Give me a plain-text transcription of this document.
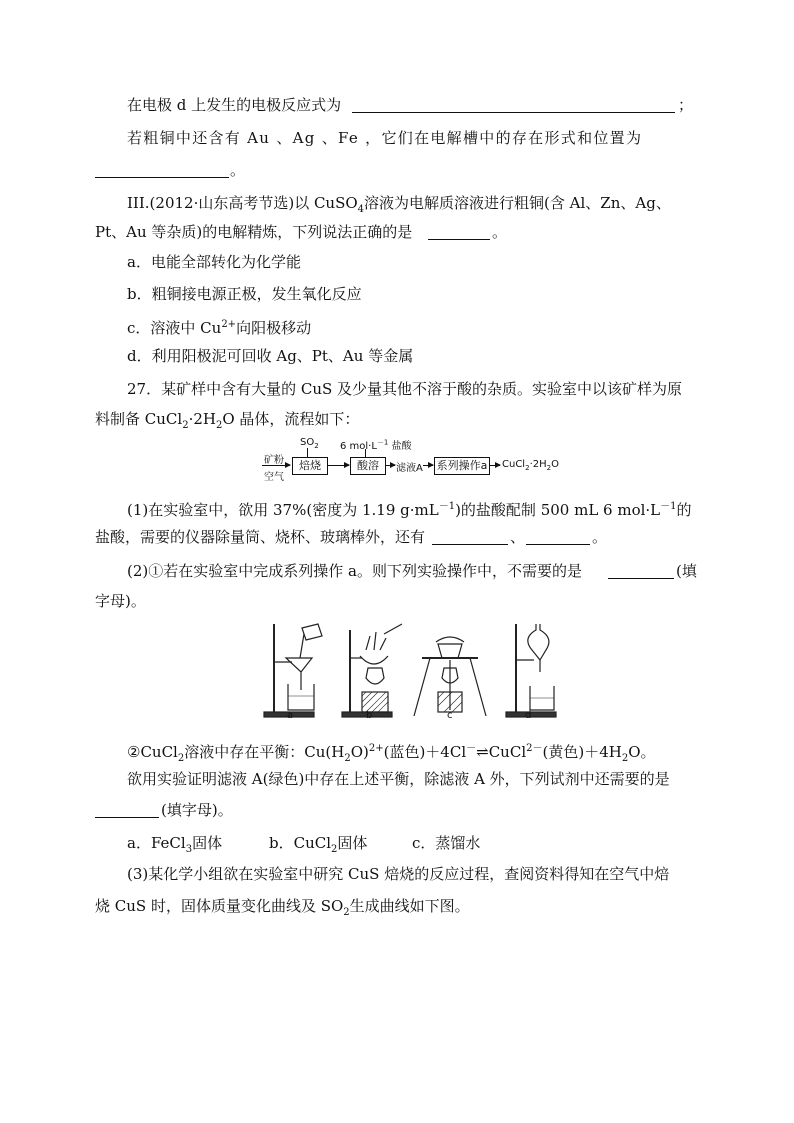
在电极 d 上发生的电极反应式为	；
若粗铜中还含有 Au 、Ag 、Fe ，它们在电解槽中的存在形式和位置为
。
III.(2012·山东高考节选)以 CuSO$_4$溶液为电解质溶液进行粗铜(含 Al、Zn、Ag、
Pt、Au 等杂质)的电解精炼，下列说法正确的是	。
a．电能全部转化为化学能
b．粗铜接电源正极，发生氧化反应
c．溶液中 $Cu^{2+}$向阳极移动
d．利用阳极泥可回收 Ag、Pt、Au 等金属
27．某矿样中含有大量的 CuS 及少量其他不溶于酸的杂质。实验室中以该矿样为原
料制备 $CuCl_2\cdot 2H_2O$ 晶体，流程如下：
矿粉
空气
$SO_2$
焙烧
6 $mol\cdot L^{-1}$ 盐酸
酸溶	滤液A 系列操作a $CuCl_2\cdot 2H_2O$
(1)在实验室中，欲用 37%(密度为 1.19 $g\cdot mL^{-1}$)的盐酸配制 500 mL 6 $mol\cdot L^{-1}$的
盐酸，需要的仪器除量筒、烧杯、玻璃棒外，还有	、	。
(2)①若在实验室中完成系列操作 a。则下列实验操作中，不需要的是	(填
字母)。
a	b	c	d
②CuCl$_2$溶液中存在平衡：$Cu(H_2O)^{2+}$(蓝色)＋4Cl－⇌CuCl$^{2-}$(黄色)$+4H_2O$。
欲用实验证明滤液 A(绿色)中存在上述平衡，除滤液 A 外，下列试剂中还需要的是
(填字母)。
a．FeCl$_3$固体	b．CuCl$_2$固体	c．蒸馏水
(3)某化学小组欲在实验室中研究 CuS 焙烧的反应过程，查阅资料得知在空气中焙
烧 CuS 时，固体质量变化曲线及 $SO_2$生成曲线如下图。
